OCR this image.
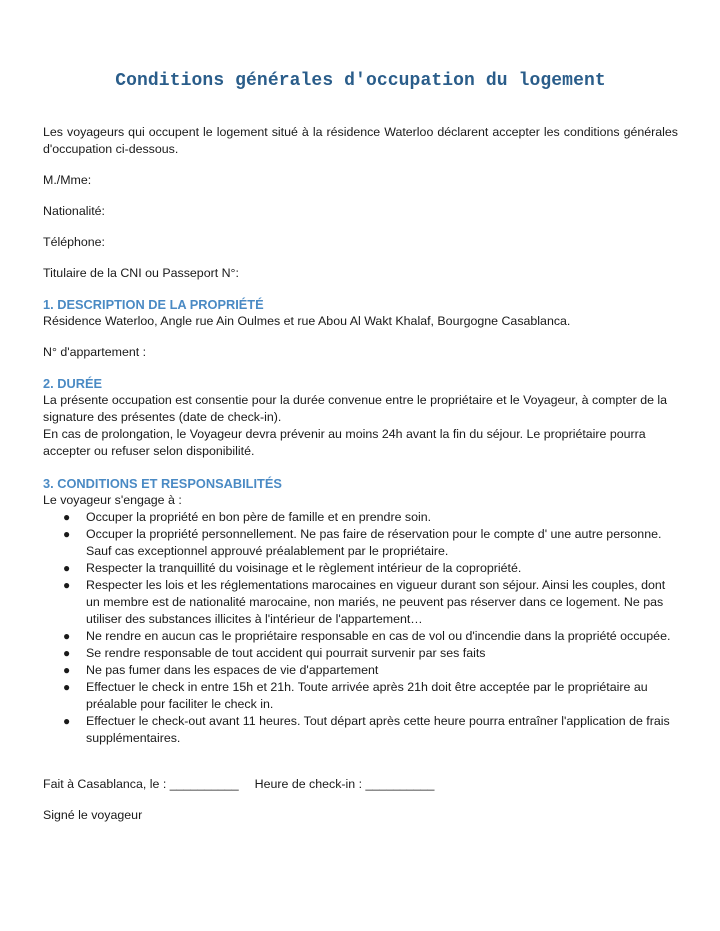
Conditions générales d'occupation du logement

Les voyageurs qui occupent le logement situé à la résidence Waterloo déclarent accepter les conditions générales d'occupation ci-dessous.

M./Mme:

Nationalité:

Téléphone:

Titulaire de la CNI ou Passeport N°:

1. DESCRIPTION DE LA PROPRIÉTÉ

Résidence Waterloo, Angle rue Ain Oulmes et rue Abou Al Wakt Khalaf, Bourgogne Casablanca.

N° d'appartement :

2. DURÉE

La présente occupation est consentie pour la durée convenue entre le propriétaire et le Voyageur, à compter de la signature des présentes (date de check-in).

En cas de prolongation, le Voyageur devra prévenir au moins 24h avant la fin du séjour. Le propriétaire pourra accepter ou refuser selon disponibilité.

3. CONDITIONS ET RESPONSABILITÉS

Le voyageur s'engage à :

● Occuper la propriété en bon père de famille et en prendre soin.
● Occuper la propriété personnellement. Ne pas faire de réservation pour le compte d' une autre personne. Sauf cas exceptionnel approuvé préalablement par le propriétaire.
● Respecter la tranquillité du voisinage et le règlement intérieur de la copropriété.
● Respecter les lois et les réglementations marocaines en vigueur durant son séjour. Ainsi les couples, dont un membre est de nationalité marocaine, non mariés, ne peuvent pas réserver dans ce logement. Ne pas utiliser des substances illicites à l'intérieur de l'appartement…
● Ne rendre en aucun cas le propriétaire responsable en cas de vol ou d'incendie dans la propriété occupée.
● Se rendre responsable de tout accident qui pourrait survenir par ses faits
● Ne pas fumer dans les espaces de vie d'appartement
● Effectuer le check in entre 15h et 21h. Toute arrivée après 21h doit être acceptée par le propriétaire au préalable pour faciliter le check in.
● Effectuer le check-out avant 11 heures. Tout départ après cette heure pourra entraîner l'application de frais supplémentaires.

Fait à Casablanca, le : __________ Heure de check-in : __________

Signé le voyageur
